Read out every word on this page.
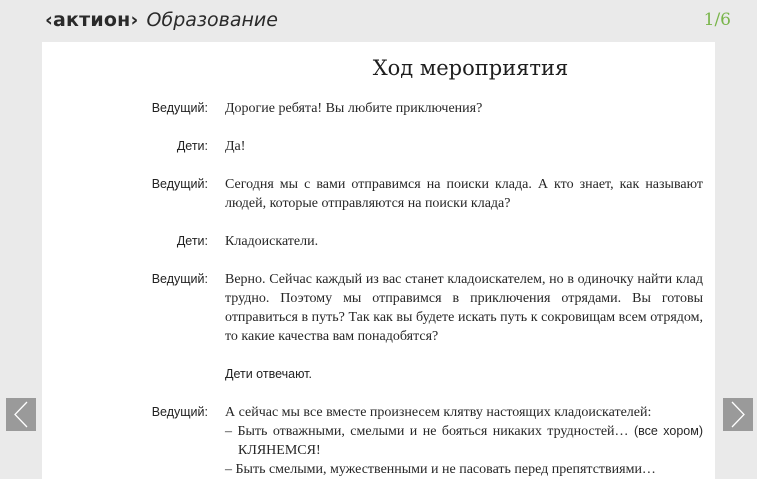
‹актион› Образование	1/6
Ход мероприятия
Ведущий: Дорогие ребята! Вы любите приключения?
Дети: Да!
Ведущий: Сегодня мы с вами отправимся на поиски клада. А кто знает, как называют людей, которые отправляются на поиски клада?
Дети: Кладоискатели.
Ведущий: Верно. Сейчас каждый из вас станет кладоискателем, но в одиночку найти клад трудно. Поэтому мы отправимся в приключения отрядами. Вы готовы отправиться в путь? Так как вы будете искать путь к сокровищам всем отрядом, то какие качества вам понадобятся?
Дети отвечают.
Ведущий: А сейчас мы все вместе произнесем клятву настоящих кладоискателей:
– Быть отважными, смелыми и не бояться никаких трудностей… (все хором) КЛЯНЕМСЯ!
– Быть смелыми, мужественными и не пасовать перед препятствиями…
